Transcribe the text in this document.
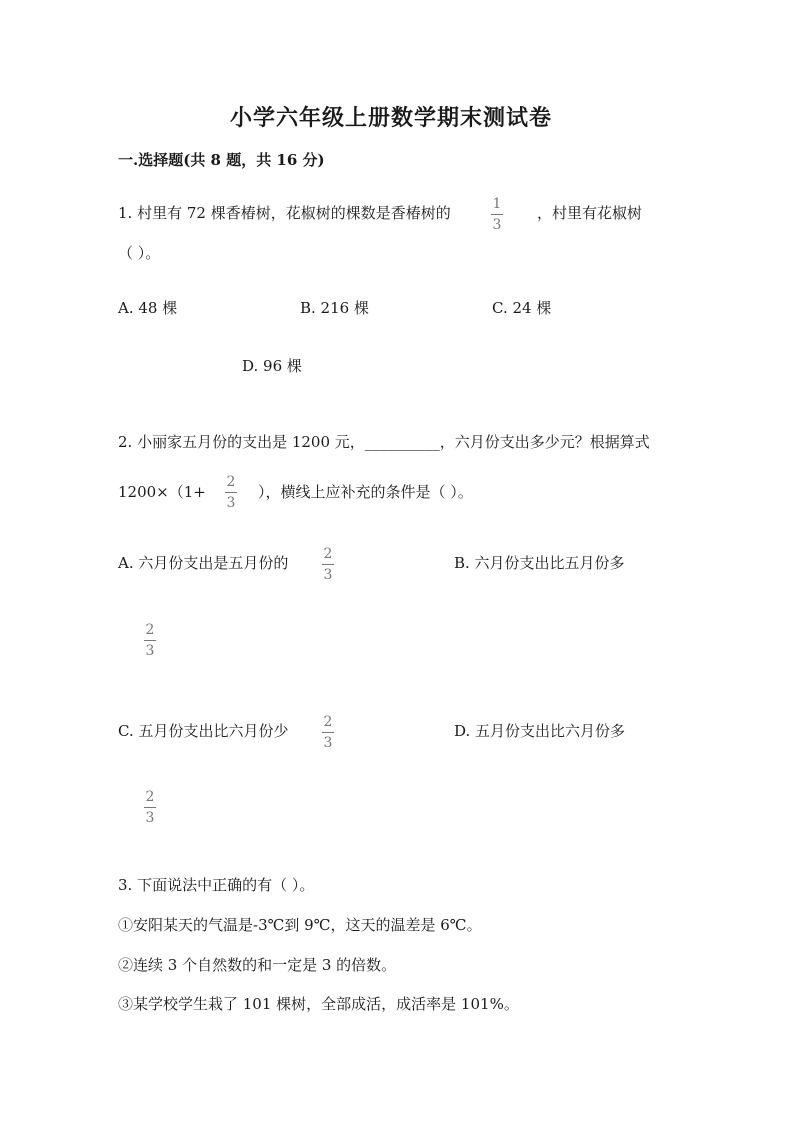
小学六年级上册数学期末测试卷
一.选择题(共 8 题，共 16 分)
1. 村里有 72 棵香椿树，花椒树的棵数是香椿树的	1
3
，村里有花椒树
（ ）。
A. 48 棵	B. 216 棵	C. 24 棵
D. 96 棵
2. 小丽家五月份的支出是 1200 元，__________，六月份支出多少元？根据算式
1200×（1+
2
3
），横线上应补充的条件是（ ）。
A. 六月份支出是五月份的	2
3
B. 六月份支出比五月份多
2
3
C. 五月份支出比六月份少	2
3
D. 五月份支出比六月份多
2
3
3. 下面说法中正确的有（ ）。
①安阳某天的气温是-3℃到 9℃，这天的温差是 6℃。
②连续 3 个自然数的和一定是 3 的倍数。
③某学校学生栽了 101 棵树，全部成活，成活率是 101%。
